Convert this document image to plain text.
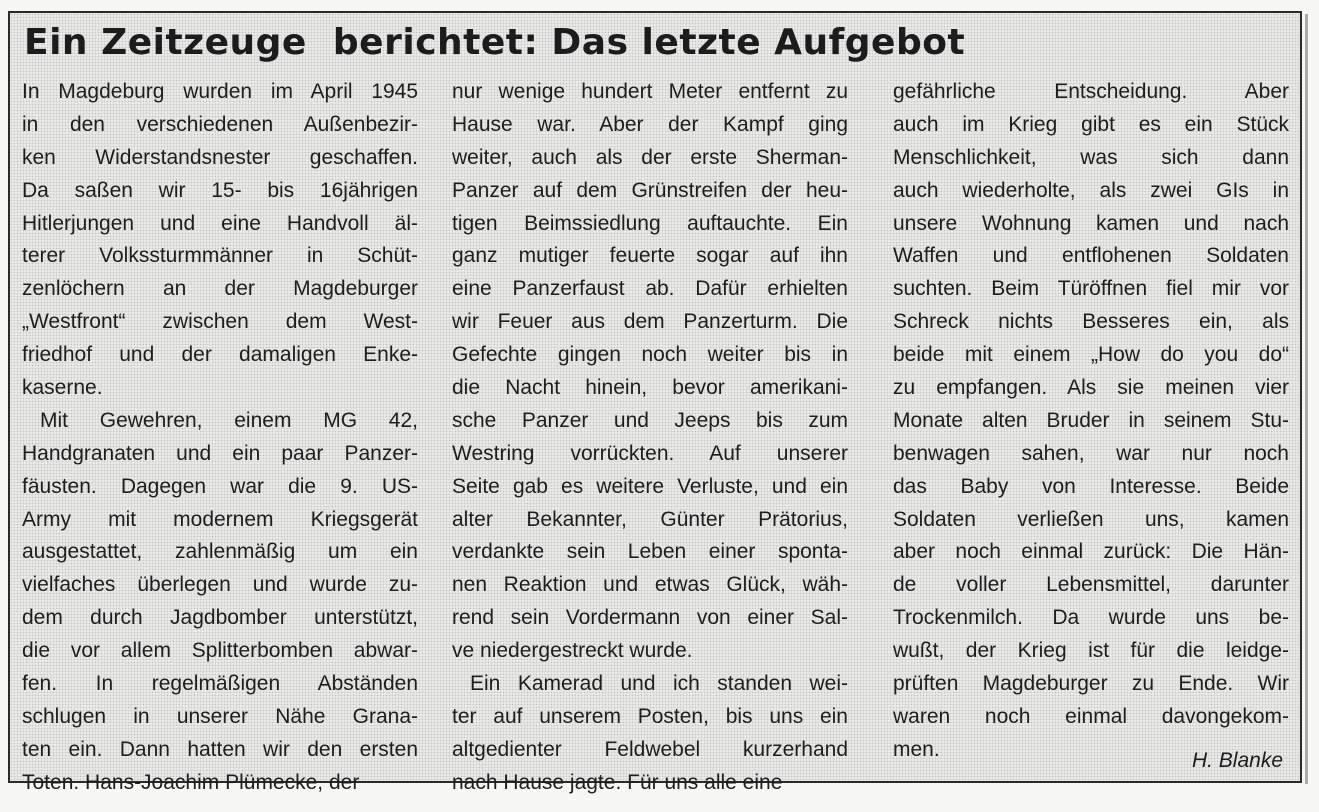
Ein Zeitzeuge  berichtet: Das letzte Aufgebot
In Magdeburg wurden im April 1945
in den verschiedenen Außenbezir-
ken Widerstandsnester geschaffen.
Da saßen wir 15- bis 16jährigen
Hitlerjungen und eine Handvoll äl-
terer Volkssturmmänner in Schüt-
zenlöchern an der Magdeburger
„Westfront“ zwischen dem West-
friedhof und der damaligen Enke-
kaserne.
Mit Gewehren, einem MG 42,
Handgranaten und ein paar Panzer-
fäusten. Dagegen war die 9. US-
Army mit modernem Kriegsgerät
ausgestattet, zahlenmäßig um ein
vielfaches überlegen und wurde zu-
dem durch Jagdbomber unterstützt,
die vor allem Splitterbomben abwar-
fen. In regelmäßigen Abständen
schlugen in unserer Nähe Grana-
ten ein. Dann hatten wir den ersten
Toten. Hans-Joachim Plümecke, der
nur wenige hundert Meter entfernt zu
Hause war. Aber der Kampf ging
weiter, auch als der erste Sherman-
Panzer auf dem Grünstreifen der heu-
tigen Beimssiedlung auftauchte. Ein
ganz mutiger feuerte sogar auf ihn
eine Panzerfaust ab. Dafür erhielten
wir Feuer aus dem Panzerturm. Die
Gefechte gingen noch weiter bis in
die Nacht hinein, bevor amerikani-
sche Panzer und Jeeps bis zum
Westring vorrückten. Auf unserer
Seite gab es weitere Verluste, und ein
alter Bekannter, Günter Prätorius,
verdankte sein Leben einer sponta-
nen Reaktion und etwas Glück, wäh-
rend sein Vordermann von einer Sal-
ve niedergestreckt wurde.
Ein Kamerad und ich standen wei-
ter auf unserem Posten, bis uns ein
altgedienter Feldwebel kurzerhand
nach Hause jagte. Für uns alle eine
gefährliche Entscheidung. Aber
auch im Krieg gibt es ein Stück
Menschlichkeit, was sich dann
auch wiederholte, als zwei GIs in
unsere Wohnung kamen und nach
Waffen und entflohenen Soldaten
suchten. Beim Türöffnen fiel mir vor
Schreck nichts Besseres ein, als
beide mit einem „How do you do“
zu empfangen. Als sie meinen vier
Monate alten Bruder in seinem Stu-
benwagen sahen, war nur noch
das Baby von Interesse. Beide
Soldaten verließen uns, kamen
aber noch einmal zurück: Die Hän-
de voller Lebensmittel, darunter
Trockenmilch. Da wurde uns be-
wußt, der Krieg ist für die leidge-
prüften Magdeburger zu Ende. Wir
waren noch einmal davongekom-
men.	H. Blanke
